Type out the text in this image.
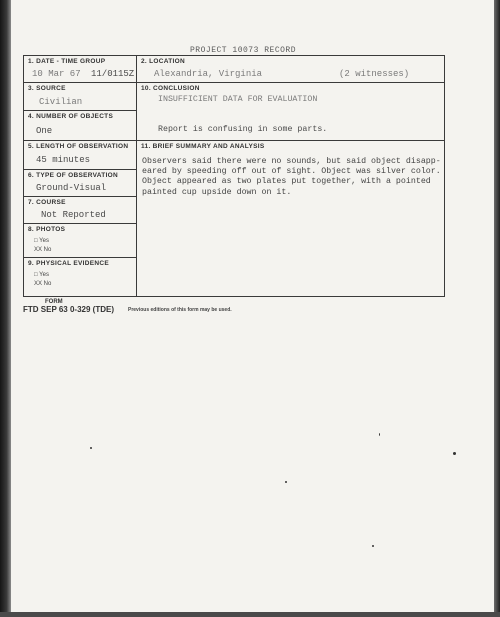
PROJECT 10073 RECORD
1. DATE - TIME GROUP
10 Mar 67 11/0115Z
2. LOCATION
Alexandria, Virginia	(2 witnesses)
3. SOURCE
Civilian
10. CONCLUSION
INSUFFICIENT DATA FOR EVALUATION
Report is confusing in some parts.
4. NUMBER OF OBJECTS
One
5. LENGTH OF OBSERVATION
45 minutes
11. BRIEF SUMMARY AND ANALYSIS
Observers said there were no sounds, but said object disapp-
eared by speeding off out of sight. Object was silver color.
Object appeared as two plates put together, with a pointed
painted cup upside down on it.
6. TYPE OF OBSERVATION
Ground-Visual
7. COURSE
Not Reported
8. PHOTOS
□ Yes
XX No
9. PHYSICAL EVIDENCE
□ Yes
XX No
FORM
FTD SEP 63 0-329 (TDE)	Previous editions of this form may be used.
